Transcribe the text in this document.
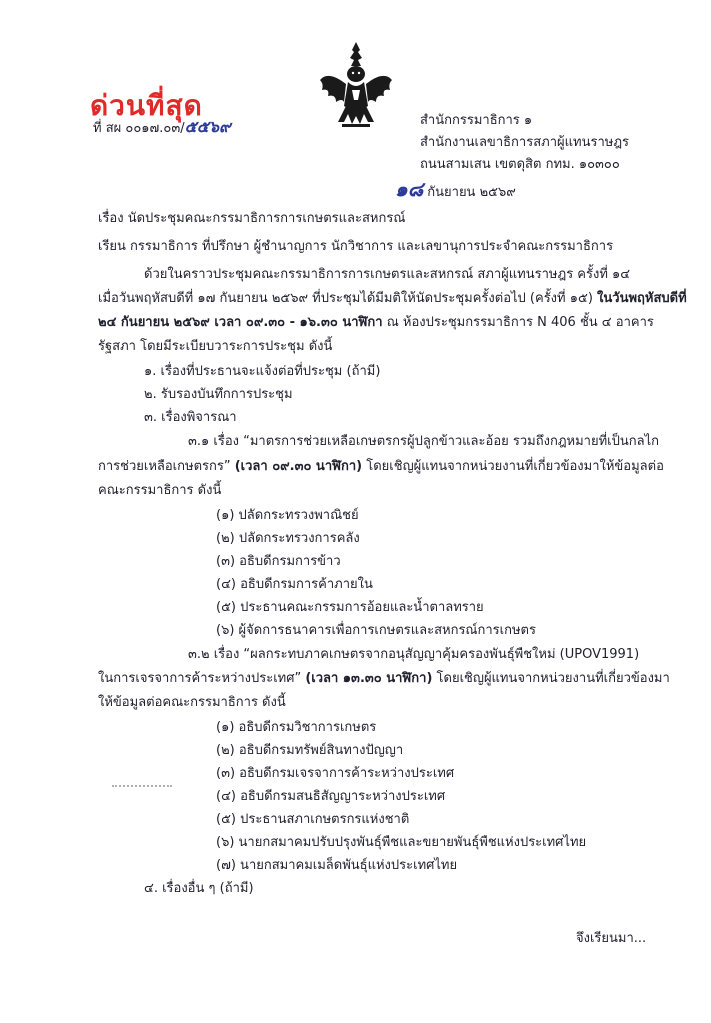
ด่วนที่สุด
ที่ สผ ๐๐๑๗.๐๓/๕๕๖๙	สำนักกรรมาธิการ ๑
สำนักงานเลขาธิการสภาผู้แทนราษฎร
ถนนสามเสน เขตดุสิต กทม. ๑๐๓๐๐
๑๘ กันยายน ๒๕๖๙
เรื่อง นัดประชุมคณะกรรมาธิการการเกษตรและสหกรณ์
เรียน กรรมาธิการ ที่ปรึกษา ผู้ชำนาญการ นักวิชาการ และเลขานุการประจำคณะกรรมาธิการ
ด้วยในคราวประชุมคณะกรรมาธิการการเกษตรและสหกรณ์ สภาผู้แทนราษฎร ครั้งที่ ๑๔
เมื่อวันพฤหัสบดีที่ ๑๗ กันยายน ๒๕๖๙ ที่ประชุมได้มีมติให้นัดประชุมครั้งต่อไป (ครั้งที่ ๑๕) ในวันพฤหัสบดีที่
๒๔ กันยายน ๒๕๖๙ เวลา ๐๙.๓๐ - ๑๖.๓๐ นาฬิกา ณ ห้องประชุมกรรมาธิการ N 406 ชั้น ๔ อาคาร
รัฐสภา โดยมีระเบียบวาระการประชุม ดังนี้
๑. เรื่องที่ประธานจะแจ้งต่อที่ประชุม (ถ้ามี)
๒. รับรองบันทึกการประชุม
๓. เรื่องพิจารณา
๓.๑ เรื่อง “มาตรการช่วยเหลือเกษตรกรผู้ปลูกข้าวและอ้อย รวมถึงกฎหมายที่เป็นกลไก
การช่วยเหลือเกษตรกร” (เวลา ๐๙.๓๐ นาฬิกา) โดยเชิญผู้แทนจากหน่วยงานที่เกี่ยวข้องมาให้ข้อมูลต่อ
คณะกรรมาธิการ ดังนี้
(๑) ปลัดกระทรวงพาณิชย์
(๒) ปลัดกระทรวงการคลัง
(๓) อธิบดีกรมการข้าว
(๔) อธิบดีกรมการค้าภายใน
(๕) ประธานคณะกรรมการอ้อยและน้ำตาลทราย
(๖) ผู้จัดการธนาคารเพื่อการเกษตรและสหกรณ์การเกษตร
๓.๒ เรื่อง “ผลกระทบภาคเกษตรจากอนุสัญญาคุ้มครองพันธุ์พืชใหม่ (UPOV1991)
ในการเจรจาการค้าระหว่างประเทศ” (เวลา ๑๓.๓๐ นาฬิกา) โดยเชิญผู้แทนจากหน่วยงานที่เกี่ยวข้องมา
ให้ข้อมูลต่อคณะกรรมาธิการ ดังนี้
(๑) อธิบดีกรมวิชาการเกษตร
(๒) อธิบดีกรมทรัพย์สินทางปัญญา
(๓) อธิบดีกรมเจรจาการค้าระหว่างประเทศ
(๔) อธิบดีกรมสนธิสัญญาระหว่างประเทศ
(๕) ประธานสภาเกษตรกรแห่งชาติ
(๖) นายกสมาคมปรับปรุงพันธุ์พืชและขยายพันธุ์พืชแห่งประเทศไทย
(๗) นายกสมาคมเมล็ดพันธุ์แห่งประเทศไทย
๔. เรื่องอื่น ๆ (ถ้ามี)
จึงเรียนมา...
